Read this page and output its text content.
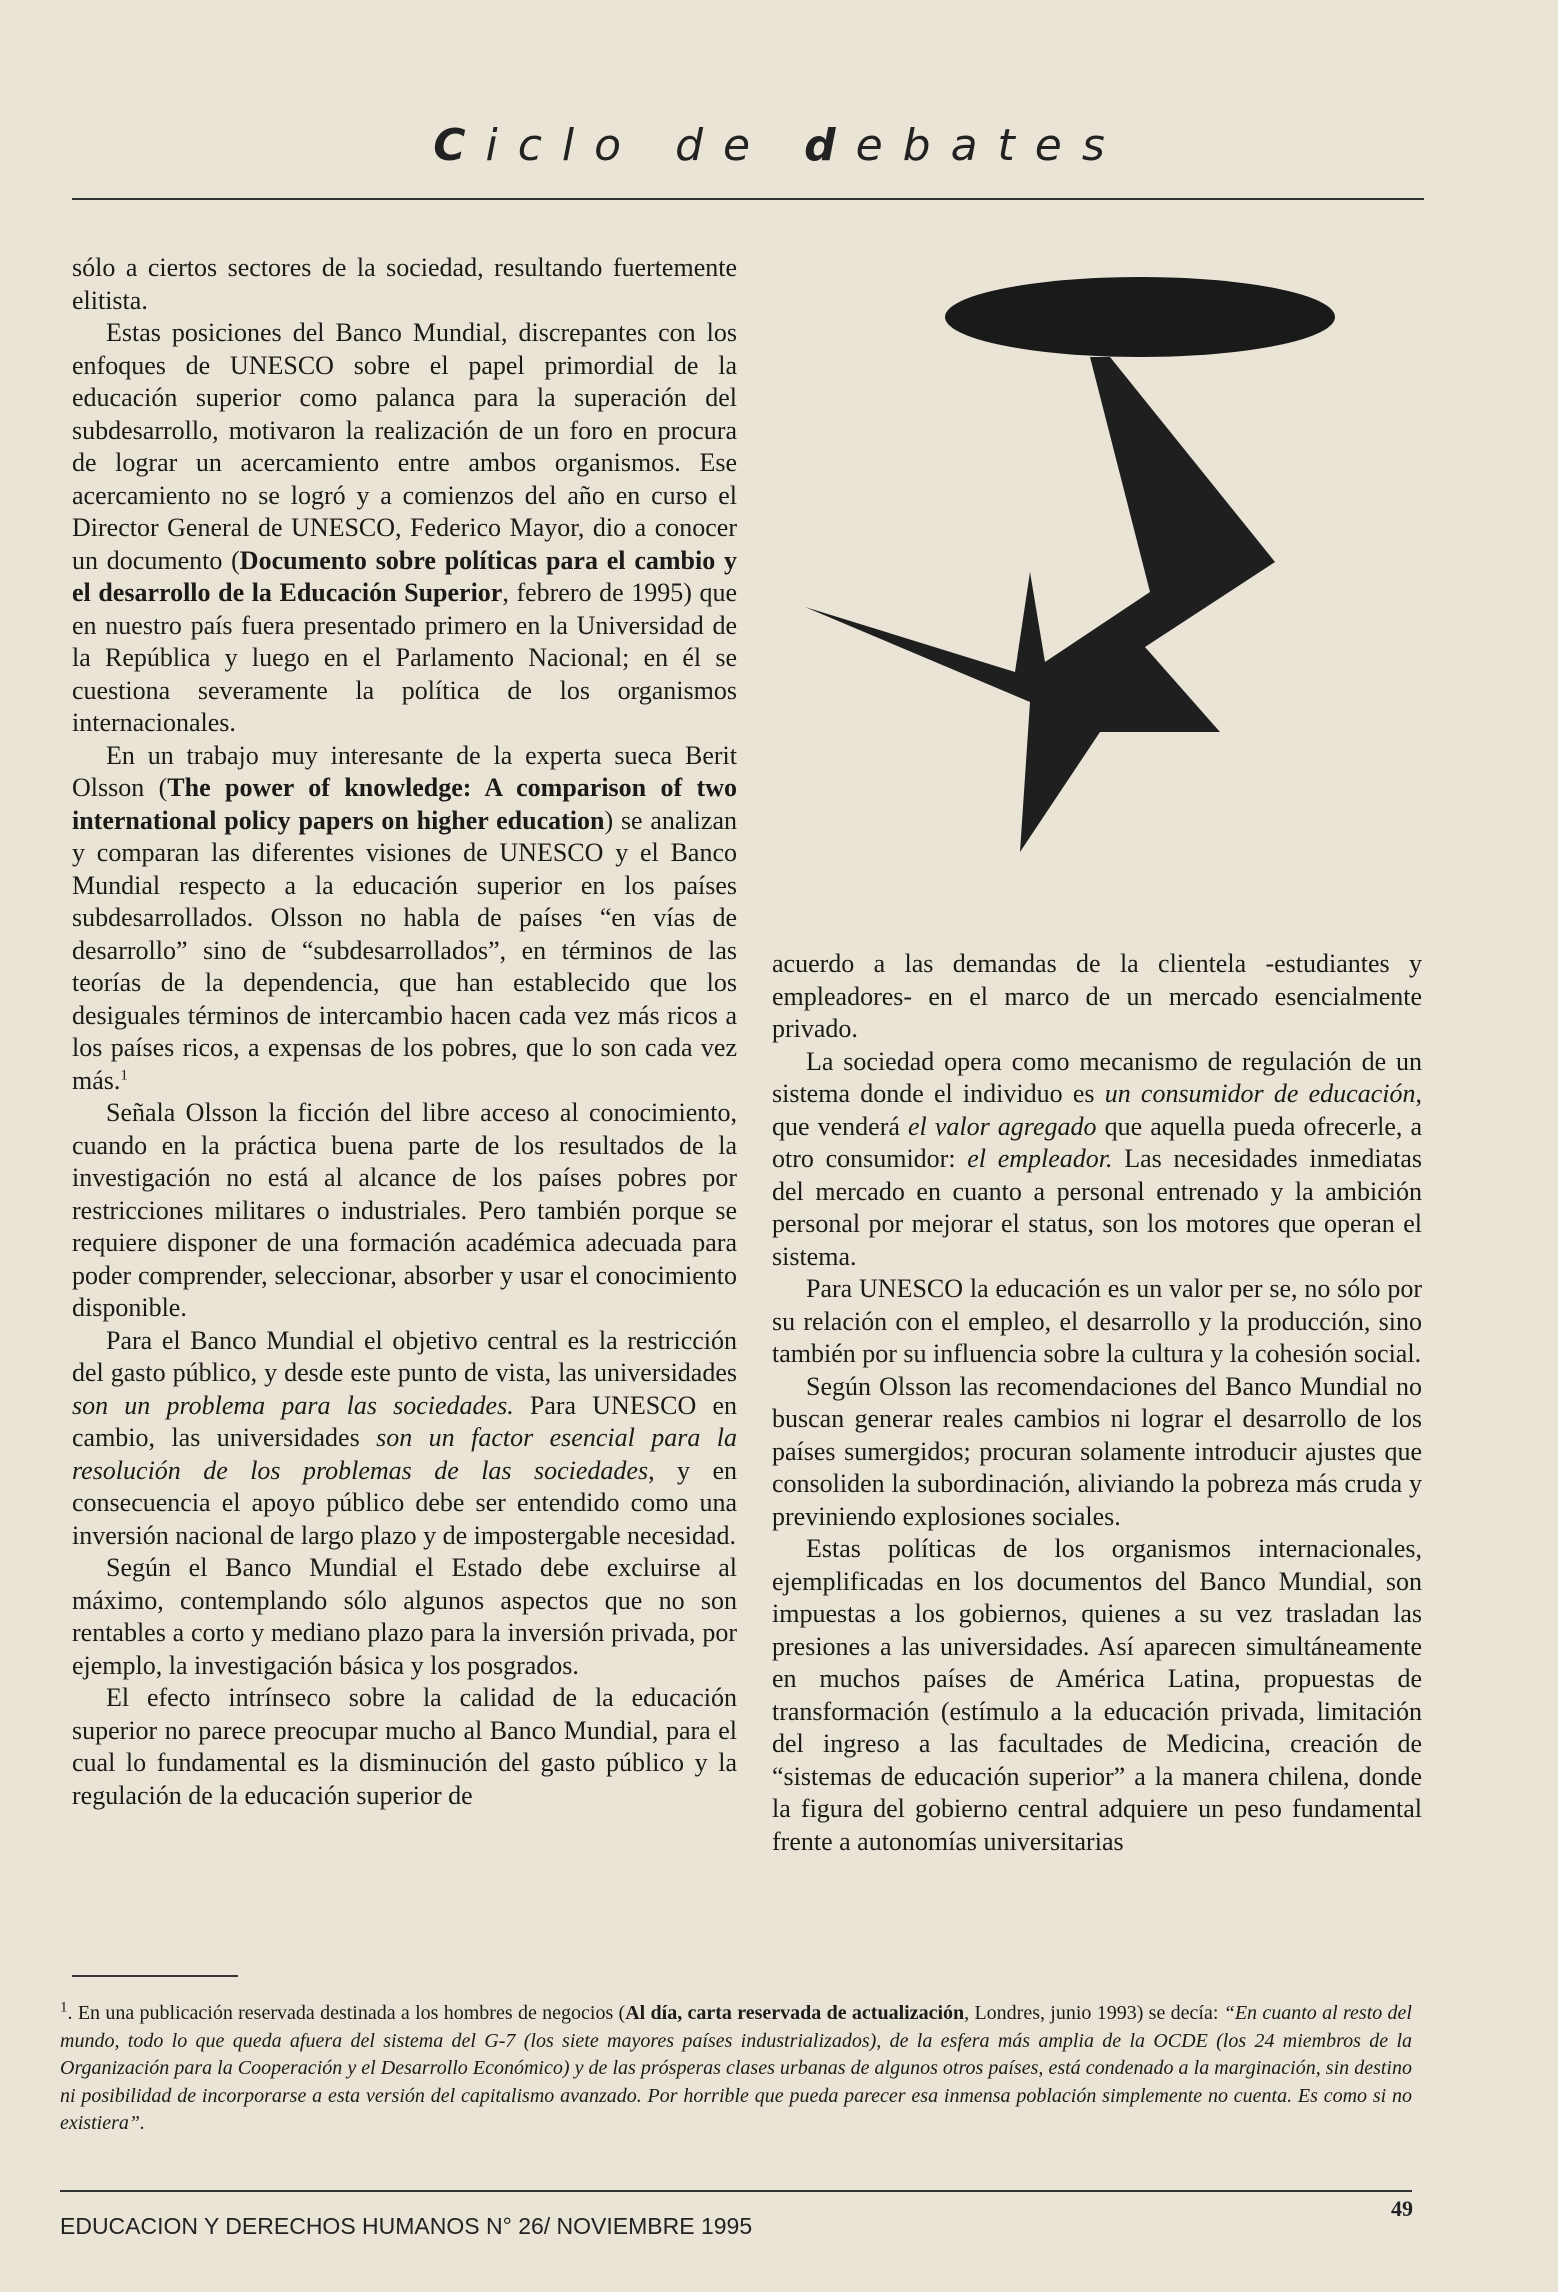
Ciclo de debates

sólo a ciertos sectores de la sociedad, resultando fuertemente elitista.

Estas posiciones del Banco Mundial, discrepantes con los enfoques de UNESCO sobre el papel primordial de la educación superior como palanca para la superación del subdesarrollo, motivaron la realización de un foro en procura de lograr un acercamiento entre ambos organismos. Ese acercamiento no se logró y a comienzos del año en curso el Director General de UNESCO, Federico Mayor, dio a conocer un documento (Documento sobre políticas para el cambio y el desarrollo de la Educación Superior, febrero de 1995) que en nuestro país fuera presentado primero en la Universidad de la República y luego en el Parlamento Nacional; en él se cuestiona severamente la política de los organismos internacionales.

En un trabajo muy interesante de la experta sueca Berit Olsson (The power of knowledge: A comparison of two international policy papers on higher education) se analizan y comparan las diferentes visiones de UNESCO y el Banco Mundial respecto a la educación superior en los países subdesarrollados. Olsson no habla de países “en vías de desarrollo” sino de “subdesarrollados”, en términos de las teorías de la dependencia, que han establecido que los desiguales términos de intercambio hacen cada vez más ricos a los países ricos, a expensas de los pobres, que lo son cada vez más.$^1$

Señala Olsson la ficción del libre acceso al conocimiento, cuando en la práctica buena parte de los resultados de la investigación no está al alcance de los países pobres por restricciones militares o industriales. Pero también porque se requiere disponer de una formación académica adecuada para poder comprender, seleccionar, absorber y usar el conocimiento disponible.

Para el Banco Mundial el objetivo central es la restricción del gasto público, y desde este punto de vista, las universidades son un problema para las sociedades. Para UNESCO en cambio, las universidades son un factor esencial para la resolución de los problemas de las sociedades, y en consecuencia el apoyo público debe ser entendido como una inversión nacional de largo plazo y de impostergable necesidad.

Según el Banco Mundial el Estado debe excluirse al máximo, contemplando sólo algunos aspectos que no son rentables a corto y mediano plazo para la inversión privada, por ejemplo, la investigación básica y los posgrados.

El efecto intrínseco sobre la calidad de la educación superior no parece preocupar mucho al Banco Mundial, para el cual lo fundamental es la disminución del gasto público y la regulación de la educación superior de

acuerdo a las demandas de la clientela -estudiantes y empleadores- en el marco de un mercado esencialmente privado.

La sociedad opera como mecanismo de regulación de un sistema donde el individuo es un consumidor de educación, que venderá el valor agregado que aquella pueda ofrecerle, a otro consumidor: el empleador. Las necesidades inmediatas del mercado en cuanto a personal entrenado y la ambición personal por mejorar el status, son los motores que operan el sistema.

Para UNESCO la educación es un valor per se, no sólo por su relación con el empleo, el desarrollo y la producción, sino también por su influencia sobre la cultura y la cohesión social.

Según Olsson las recomendaciones del Banco Mundial no buscan generar reales cambios ni lograr el desarrollo de los países sumergidos; procuran solamente introducir ajustes que consoliden la subordinación, aliviando la pobreza más cruda y previniendo explosiones sociales.

Estas políticas de los organismos internacionales, ejemplificadas en los documentos del Banco Mundial, son impuestas a los gobiernos, quienes a su vez trasladan las presiones a las universidades. Así aparecen simultáneamente en muchos países de América Latina, propuestas de transformación (estímulo a la educación privada, limitación del ingreso a las facultades de Medicina, creación de “sistemas de educación superior” a la manera chilena, donde la figura del gobierno central adquiere un peso fundamental frente a autonomías universitarias

$^1$. En una publicación reservada destinada a los hombres de negocios (Al día, carta reservada de actualización, Londres, junio 1993) se decía: “En cuanto al resto del mundo, todo lo que queda afuera del sistema del G-7 (los siete mayores países industrializados), de la esfera más amplia de la OCDE (los 24 miembros de la Organización para la Cooperación y el Desarrollo Económico) y de las prósperas clases urbanas de algunos otros países, está condenado a la marginación, sin destino ni posibilidad de incorporarse a esta versión del capitalismo avanzado. Por horrible que pueda parecer esa inmensa población simplemente no cuenta. Es como si no existiera”.
EDUCACION Y DERECHOS HUMANOS N° 26/ NOVIEMBRE 1995
49
